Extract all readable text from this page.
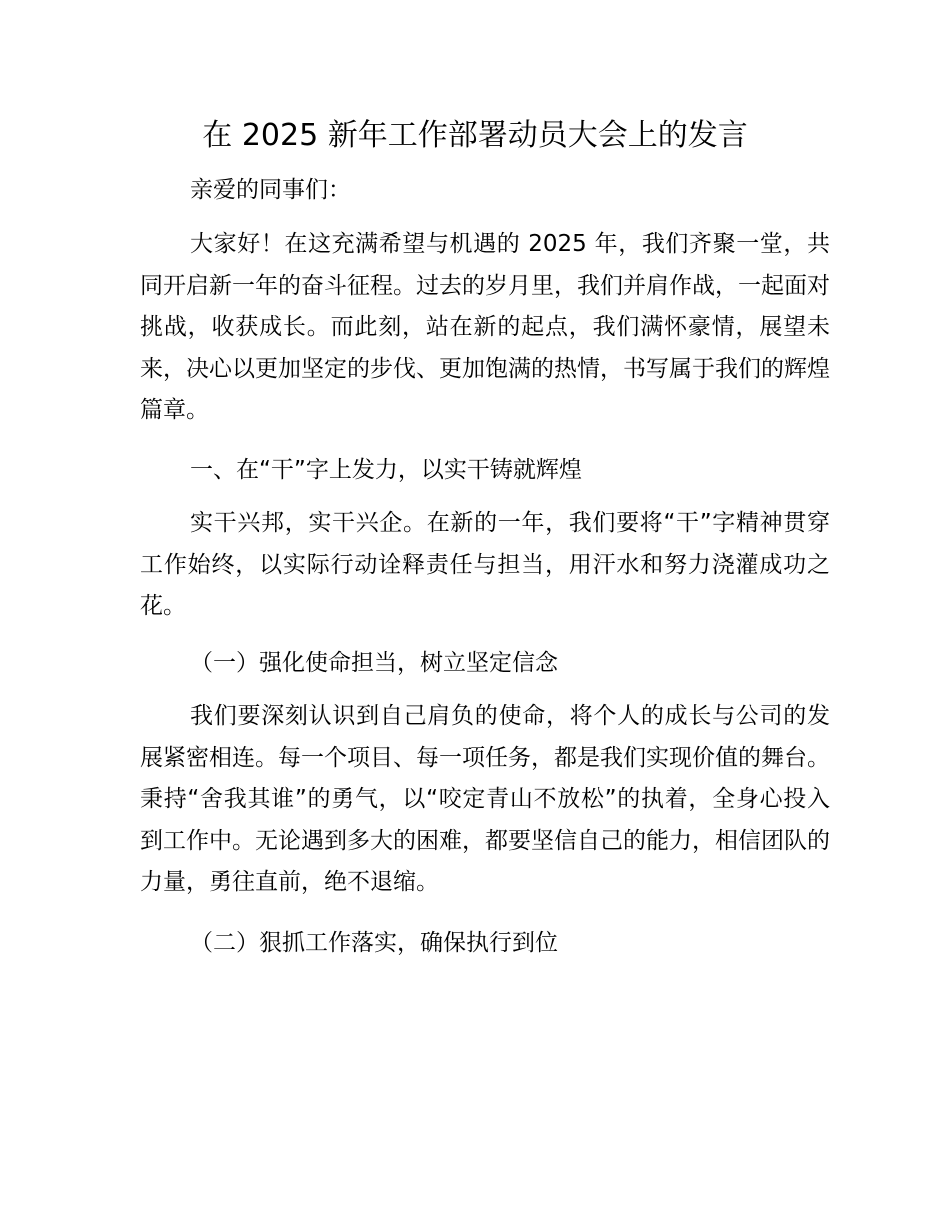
在 2025 新年工作部署动员大会上的发言

亲爱的同事们：

大家好！在这充满希望与机遇的 2025 年，我们齐聚一堂，共同开启新一年的奋斗征程。过去的岁月里，我们并肩作战，一起面对挑战，收获成长。而此刻，站在新的起点，我们满怀豪情，展望未来，决心以更加坚定的步伐、更加饱满的热情，书写属于我们的辉煌篇章。

一、在“干”字上发力，以实干铸就辉煌

实干兴邦，实干兴企。在新的一年，我们要将“干”字精神贯穿工作始终，以实际行动诠释责任与担当，用汗水和努力浇灌成功之花。

（一）强化使命担当，树立坚定信念

我们要深刻认识到自己肩负的使命，将个人的成长与公司的发展紧密相连。每一个项目、每一项任务，都是我们实现价值的舞台。秉持“舍我其谁”的勇气，以“咬定青山不放松”的执着，全身心投入到工作中。无论遇到多大的困难，都要坚信自己的能力，相信团队的力量，勇往直前，绝不退缩。

（二）狠抓工作落实，确保执行到位
